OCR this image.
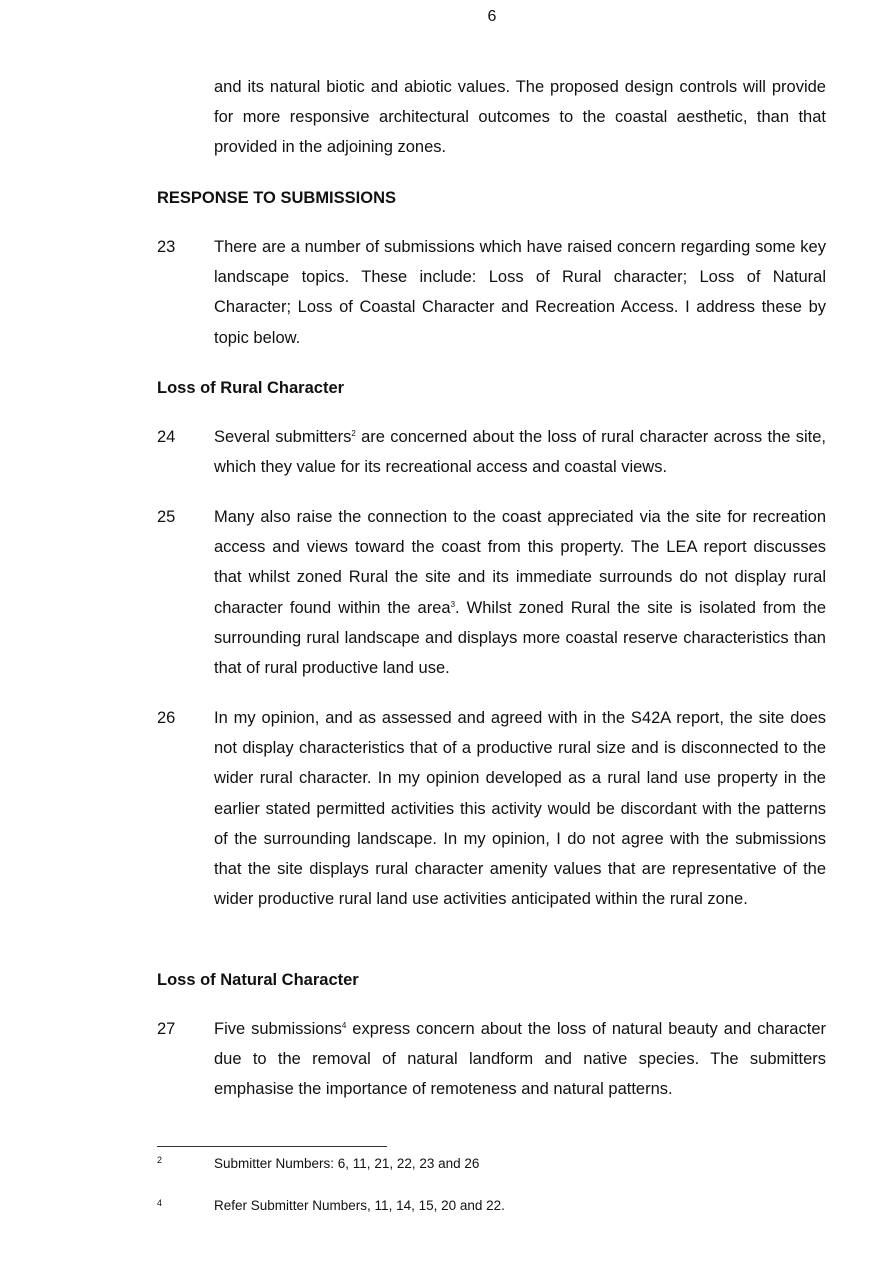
6
and its natural biotic and abiotic values. The proposed design controls will provide for more responsive architectural outcomes to the coastal aesthetic, than that provided in the adjoining zones.
RESPONSE TO SUBMISSIONS
23 There are a number of submissions which have raised concern regarding some key landscape topics. These include: Loss of Rural character; Loss of Natural Character; Loss of Coastal Character and Recreation Access. I address these by topic below.
Loss of Rural Character
24 Several submitters$^2$ are concerned about the loss of rural character across the site, which they value for its recreational access and coastal views.
25 Many also raise the connection to the coast appreciated via the site for recreation access and views toward the coast from this property. The LEA report discusses that whilst zoned Rural the site and its immediate surrounds do not display rural character found within the area$^3$. Whilst zoned Rural the site is isolated from the surrounding rural landscape and displays more coastal reserve characteristics than that of rural productive land use.
26 In my opinion, and as assessed and agreed with in the S42A report, the site does not display characteristics that of a productive rural size and is disconnected to the wider rural character. In my opinion developed as a rural land use property in the earlier stated permitted activities this activity would be discordant with the patterns of the surrounding landscape. In my opinion, I do not agree with the submissions that the site displays rural character amenity values that are representative of the wider productive rural land use activities anticipated within the rural zone.
Loss of Natural Character
27 Five submissions$^4$ express concern about the loss of natural beauty and character due to the removal of natural landform and native species. The submitters emphasise the importance of remoteness and natural patterns.
2	Submitter Numbers: 6, 11, 21, 22, 23 and 26
4	Refer Submitter Numbers, 11, 14, 15, 20 and 22.
